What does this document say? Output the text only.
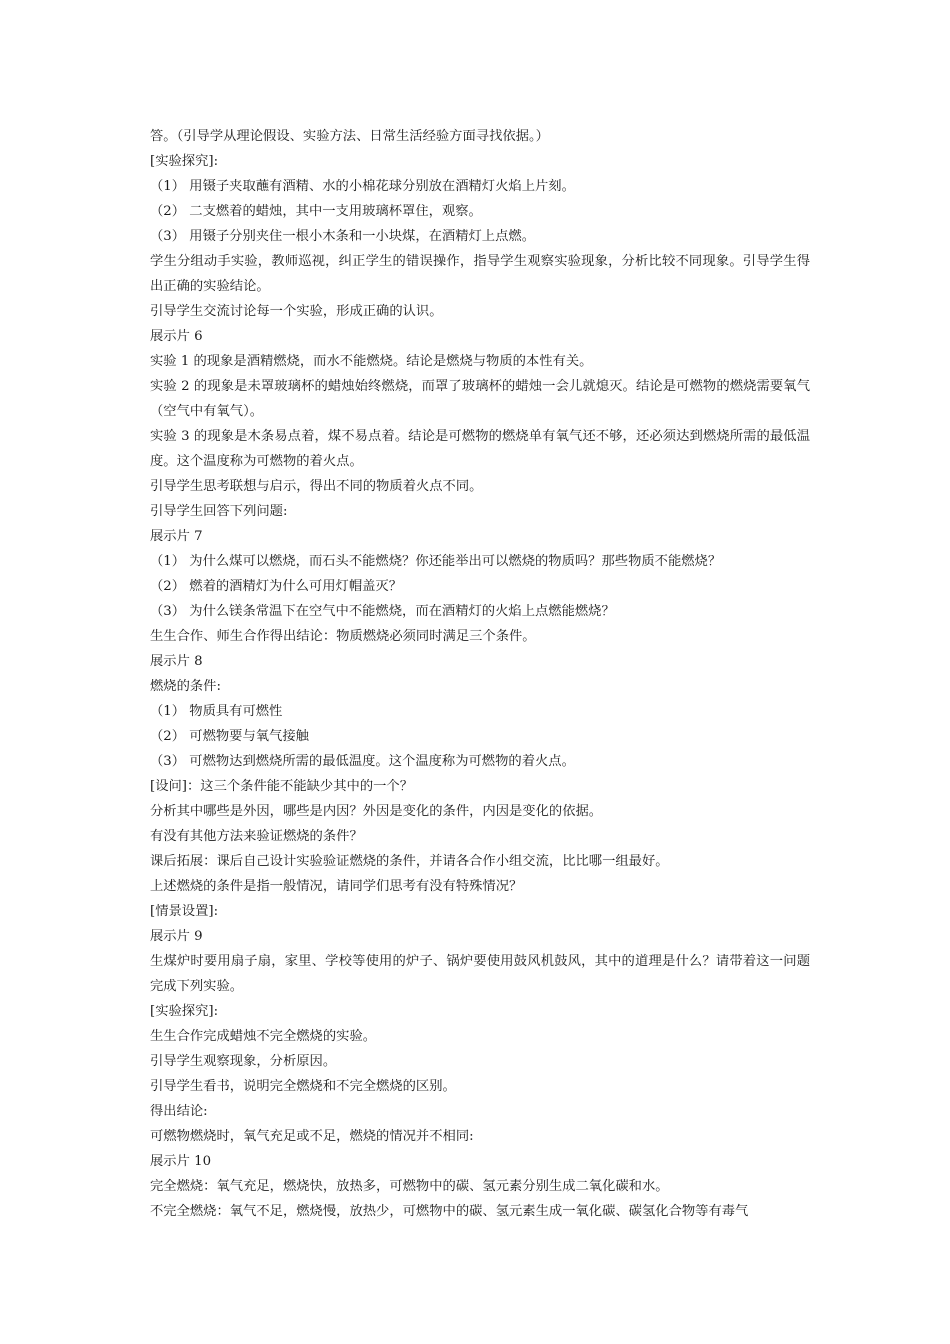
答。（引导学从理论假设、实验方法、日常生活经验方面寻找依据。）

[实验探究]:

（1） 用镊子夹取蘸有酒精、水的小棉花球分别放在酒精灯火焰上片刻。

（2） 二支燃着的蜡烛，其中一支用玻璃杯罩住，观察。

（3） 用镊子分别夹住一根小木条和一小块煤，在酒精灯上点燃。

学生分组动手实验，教师巡视，纠正学生的错误操作，指导学生观察实验现象，分析比较不同现象。引导学生得出正确的实验结论。

引导学生交流讨论每一个实验，形成正确的认识。

展示片 6

实验 1 的现象是酒精燃烧，而水不能燃烧。结论是燃烧与物质的本性有关。

实验 2 的现象是未罩玻璃杯的蜡烛始终燃烧，而罩了玻璃杯的蜡烛一会儿就熄灭。结论是可燃物的燃烧需要氧气（空气中有氧气）。

实验 3 的现象是木条易点着，煤不易点着。结论是可燃物的燃烧单有氧气还不够，还必须达到燃烧所需的最低温度。这个温度称为可燃物的着火点。

引导学生思考联想与启示，得出不同的物质着火点不同。

引导学生回答下列问题:

展示片 7

（1） 为什么煤可以燃烧，而石头不能燃烧？你还能举出可以燃烧的物质吗？那些物质不能燃烧？

（2） 燃着的酒精灯为什么可用灯帽盖灭？

（3） 为什么镁条常温下在空气中不能燃烧，而在酒精灯的火焰上点燃能燃烧？

生生合作、师生合作得出结论：物质燃烧必须同时满足三个条件。

展示片 8

燃烧的条件:

（1） 物质具有可燃性

（2） 可燃物要与氧气接触

（3） 可燃物达到燃烧所需的最低温度。这个温度称为可燃物的着火点。

[设问]：这三个条件能不能缺少其中的一个？

分析其中哪些是外因，哪些是内因？外因是变化的条件，内因是变化的依据。

有没有其他方法来验证燃烧的条件？

课后拓展：课后自己设计实验验证燃烧的条件，并请各合作小组交流，比比哪一组最好。

上述燃烧的条件是指一般情况，请同学们思考有没有特殊情况？

[情景设置]:

展示片 9

生煤炉时要用扇子扇，家里、学校等使用的炉子、锅炉要使用鼓风机鼓风，其中的道理是什么？请带着这一问题完成下列实验。

[实验探究]:

生生合作完成蜡烛不完全燃烧的实验。

引导学生观察现象，分析原因。

引导学生看书，说明完全燃烧和不完全燃烧的区别。

得出结论:

可燃物燃烧时，氧气充足或不足，燃烧的情况并不相同:

展示片 10

完全燃烧：氧气充足，燃烧快，放热多，可燃物中的碳、氢元素分别生成二氧化碳和水。

不完全燃烧：氧气不足，燃烧慢，放热少，可燃物中的碳、氢元素生成一氧化碳、碳氢化合物等有毒气
